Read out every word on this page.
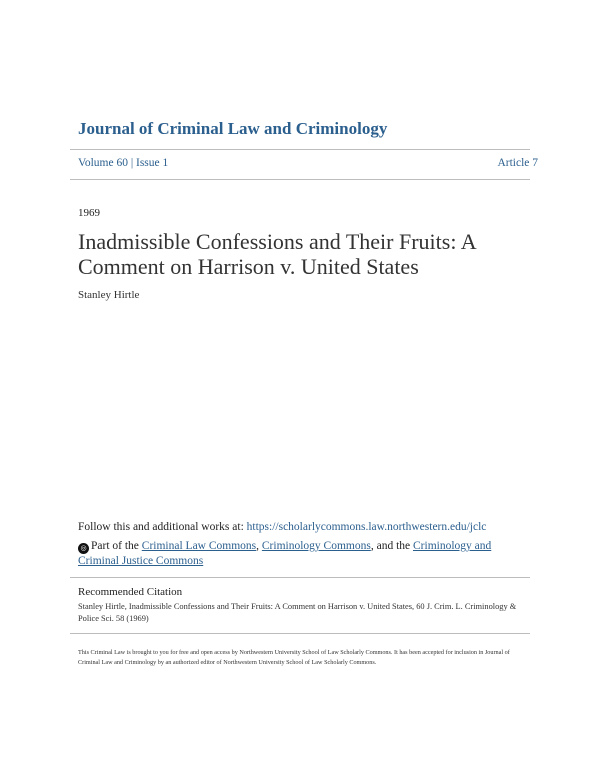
Journal of Criminal Law and Criminology
Volume 60 | Issue 1	Article 7
1969
Inadmissible Confessions and Their Fruits: A Comment on Harrison v. United States
Stanley Hirtle
Follow this and additional works at: https://scholarlycommons.law.northwestern.edu/jclc
◎ Part of the Criminal Law Commons, Criminology Commons, and the Criminology and Criminal Justice Commons
Recommended Citation
Stanley Hirtle, Inadmissible Confessions and Their Fruits: A Comment on Harrison v. United States, 60 J. Crim. L. Criminology & Police Sci. 58 (1969)
This Criminal Law is brought to you for free and open access by Northwestern University School of Law Scholarly Commons. It has been accepted for inclusion in Journal of Criminal Law and Criminology by an authorized editor of Northwestern University School of Law Scholarly Commons.
